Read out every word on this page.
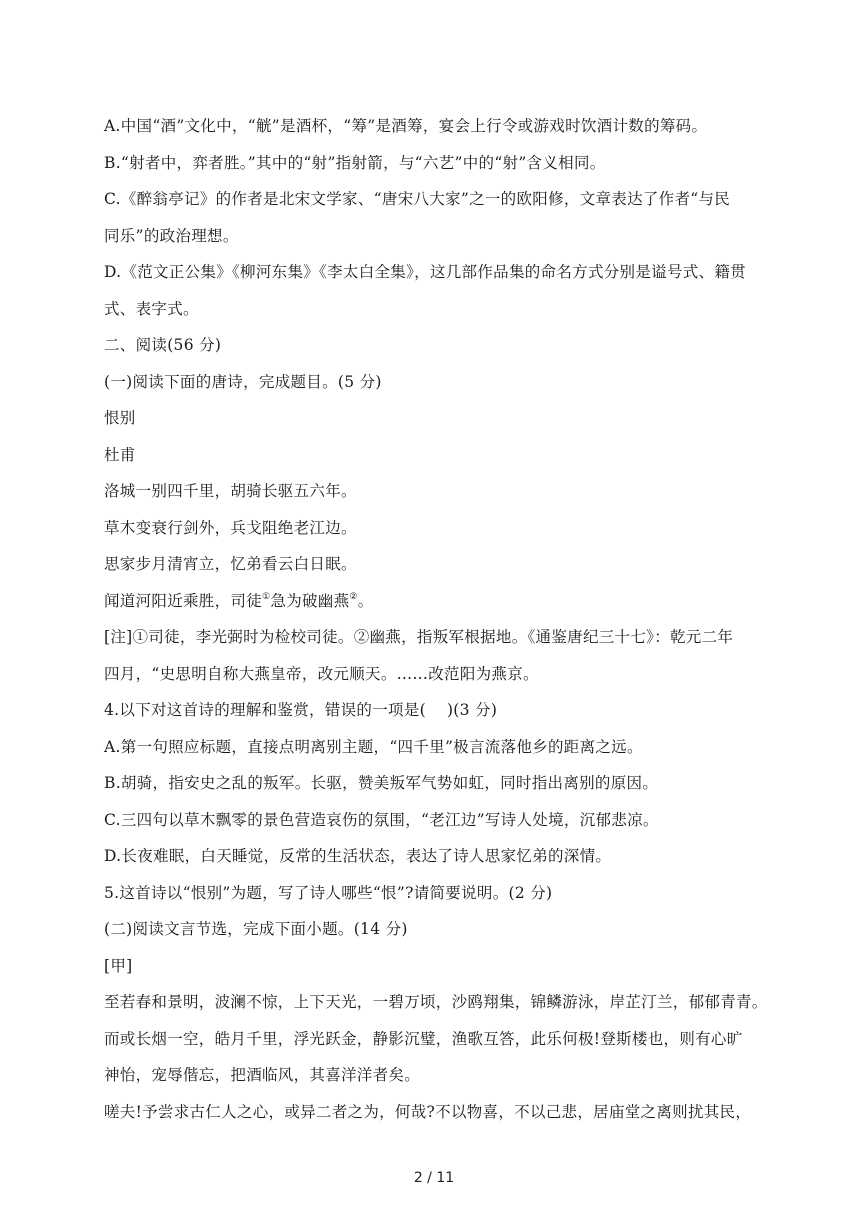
A.中国“酒”文化中，“觥”是酒杯，“筹”是酒筹，宴会上行令或游戏时饮酒计数的筹码。
B.“射者中，弈者胜。”其中的“射”指射箭，与“六艺”中的“射”含义相同。
C.《醉翁亭记》的作者是北宋文学家、“唐宋八大家”之一的欧阳修，文章表达了作者“与民
同乐”的政治理想。
D.《范文正公集》《柳河东集》《李太白全集》，这几部作品集的命名方式分别是谥号式、籍贯
式、表字式。
二、阅读(56 分)
(一)阅读下面的唐诗，完成题目。(5 分)
恨别
杜甫
洛城一别四千里，胡骑长驱五六年。
草木变衰行剑外，兵戈阻绝老江边。
思家步月清宵立，忆弟看云白日眠。
闻道河阳近乘胜，司徒①急为破幽燕②。
[注]①司徒，李光弼时为检校司徒。②幽燕，指叛军根据地。《通鉴唐纪三十七》：乾元二年
四月，“史思明自称大燕皇帝，改元顺天。……改范阳为燕京。
4.以下对这首诗的理解和鉴赏，错误的一项是(　 )(3 分)
A.第一句照应标题，直接点明离别主题，“四千里”极言流落他乡的距离之远。
B.胡骑，指安史之乱的叛军。长驱，赞美叛军气势如虹，同时指出离别的原因。
C.三四句以草木飘零的景色营造哀伤的氛围，“老江边”写诗人处境，沉郁悲凉。
D.长夜难眠，白天睡觉，反常的生活状态，表达了诗人思家忆弟的深情。
5.这首诗以“恨别”为题，写了诗人哪些“恨”?请简要说明。(2 分)
(二)阅读文言节选，完成下面小题。(14 分)
[甲]
至若春和景明，波澜不惊，上下天光，一碧万顷，沙鸥翔集，锦鳞游泳，岸芷汀兰，郁郁青青。
而或长烟一空，皓月千里，浮光跃金，静影沉璧，渔歌互答，此乐何极!登斯楼也，则有心旷
神怡，宠辱偕忘，把酒临风，其喜洋洋者矣。
嗟夫!予尝求古仁人之心，或异二者之为，何哉?不以物喜，不以己悲，居庙堂之离则扰其民，
2 / 11
